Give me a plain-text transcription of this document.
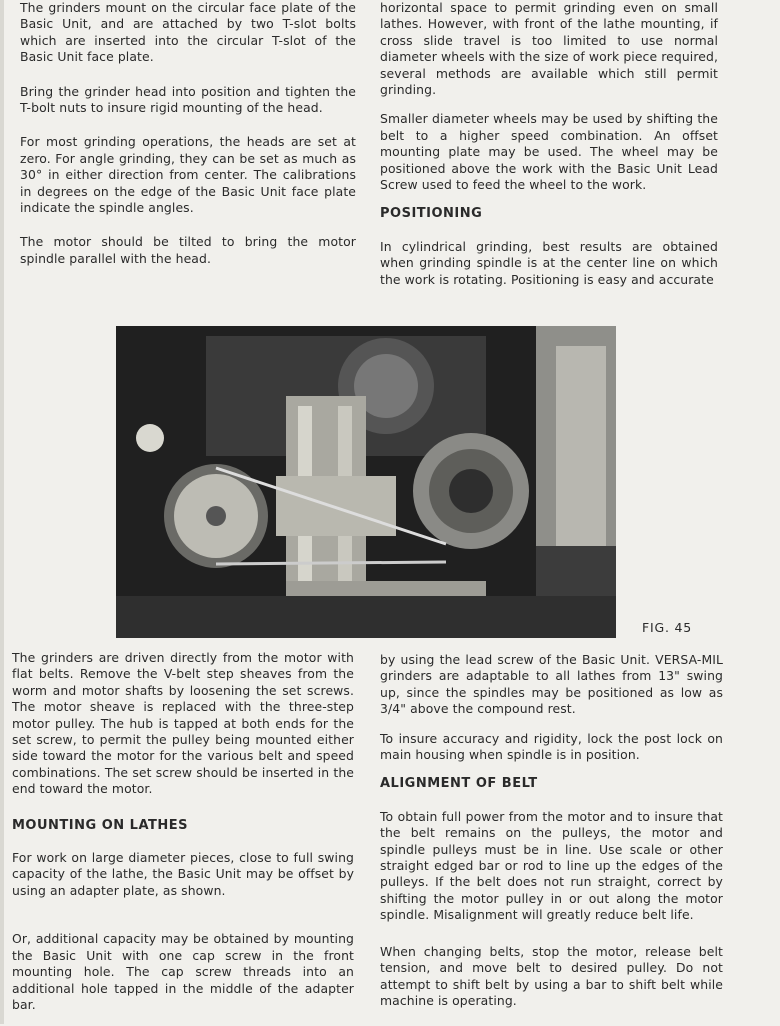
The grinders mount on the circular face plate of the Basic Unit, and are attached by two T-slot bolts which are inserted into the circular T-slot of the Basic Unit face plate.

Bring the grinder head into position and tighten the T-bolt nuts to insure rigid mounting of the head.

For most grinding operations, the heads are set at zero. For angle grinding, they can be set as much as 30° in either direction from center. The calibrations in degrees on the edge of the Basic Unit face plate indicate the spindle angles.

The motor should be tilted to bring the motor spindle parallel with the head.

horizontal space to permit grinding even on small lathes. However, with front of the lathe mounting, if cross slide travel is too limited to use normal diameter wheels with the size of work piece required, several methods are available which still permit grinding.

Smaller diameter wheels may be used by shifting the belt to a higher speed combination. An offset mounting plate may be used. The wheel may be positioned above the work with the Basic Unit Lead Screw used to feed the wheel to the work.

POSITIONING

In cylindrical grinding, best results are obtained when grinding spindle is at the center line on which the work is rotating. Positioning is easy and accurate

FIG. 45

The grinders are driven directly from the motor with flat belts. Remove the V-belt step sheaves from the worm and motor shafts by loosening the set screws. The motor sheave is replaced with the three-step motor pulley. The hub is tapped at both ends for the set screw, to permit the pulley being mounted either side toward the motor for the various belt and speed combinations. The set screw should be inserted in the end toward the motor.

MOUNTING ON LATHES

For work on large diameter pieces, close to full swing capacity of the lathe, the Basic Unit may be offset by using an adapter plate, as shown.

Or, additional capacity may be obtained by mounting the Basic Unit with one cap screw in the front mounting hole. The cap screw threads into an additional hole tapped in the middle of the adapter bar.

by using the lead screw of the Basic Unit. VERSA-MIL grinders are adaptable to all lathes from 13" swing up, since the spindles may be positioned as low as 3/4" above the compound rest.

To insure accuracy and rigidity, lock the post lock on main housing when spindle is in position.

ALIGNMENT OF BELT

To obtain full power from the motor and to insure that the belt remains on the pulleys, the motor and spindle pulleys must be in line. Use scale or other straight edged bar or rod to line up the edges of the pulleys. If the belt does not run straight, correct by shifting the motor pulley in or out along the motor spindle. Misalignment will greatly reduce belt life.

When changing belts, stop the motor, release belt tension, and move belt to desired pulley. Do not attempt to shift belt by using a bar to shift belt while machine is operating.
